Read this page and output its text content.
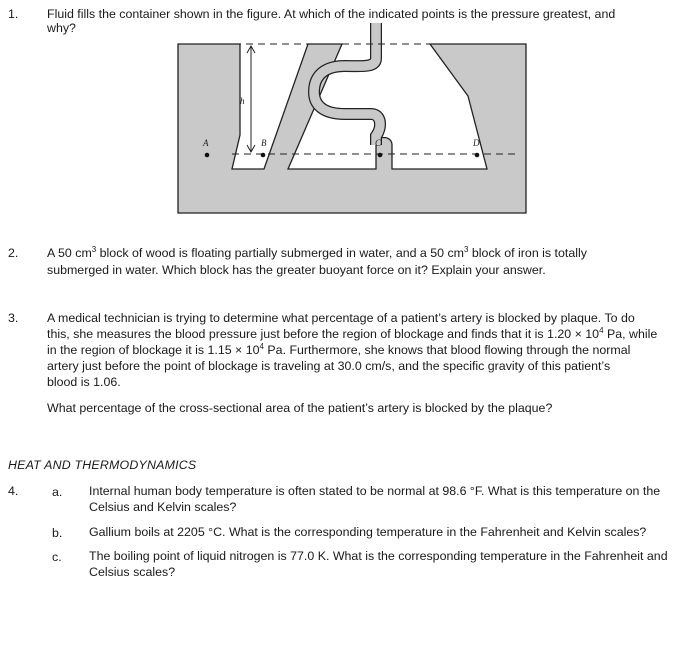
1. Fluid fills the container shown in the figure. At which of the indicated points is the pressure greatest, and
why?
h
A	B	C	D
2. A 50 $cm^3$ block of wood is floating partially submerged in water, and a 50 $cm^3$ block of iron is totally
submerged in water. Which block has the greater buoyant force on it? Explain your answer.
3. A medical technician is trying to determine what percentage of a patient’s artery is blocked by plaque. To do
this, she measures the blood pressure just before the region of blockage and finds that it is $1.20 \times 10^4$ Pa, while
in the region of blockage it is $1.15 \times 10^4$ Pa. Furthermore, she knows that blood flowing through the normal
artery just before the point of blockage is traveling at 30.0 cm/s, and the specific gravity of this patient’s
blood is 1.06.
What percentage of the cross-sectional area of the patient’s artery is blocked by the plaque?
HEAT AND THERMODYNAMICS
4.	a. Internal human body temperature is often stated to be normal at 98.6 °F. What is this temperature on the
Celsius and Kelvin scales?
b. Gallium boils at 2205 °C. What is the corresponding temperature in the Fahrenheit and Kelvin scales?
c. The boiling point of liquid nitrogen is 77.0 K. What is the corresponding temperature in the Fahrenheit and
Celsius scales?
